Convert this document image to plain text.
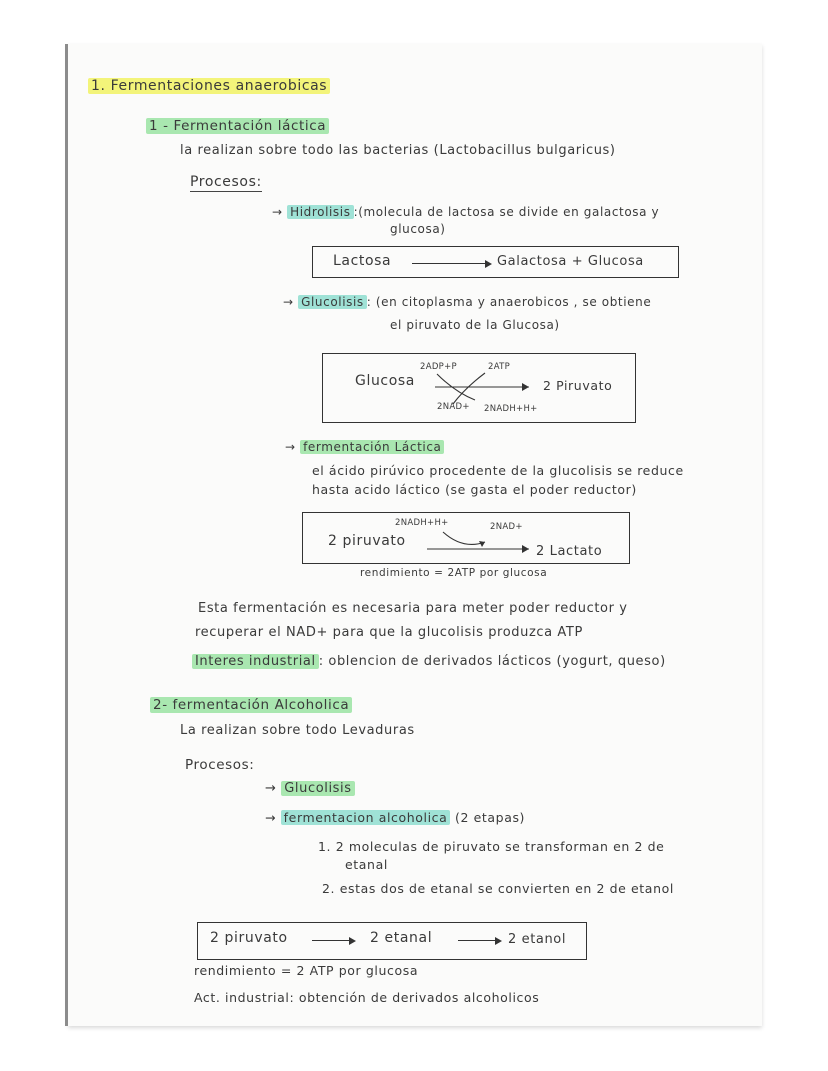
1. Fermentaciones anaerobicas
1 - Fermentación láctica
la realizan sobre todo las bacterias (Lactobacillus bulgaricus)
Procesos:
→ Hidrolisis :(molecula de lactosa se divide en galactosa y
glucosa)
Lactosa	Galactosa + Glucosa
→ Glucolisis : (en citoplasma y anaerobicos , se obtiene
el piruvato de la Glucosa)
Glucosa
2ADP+P	2ATP
2NAD+ 2NADH+H+
2 Piruvato
→ fermentación Láctica
el ácido pirúvico procedente de la glucolisis se reduce
hasta acido láctico (se gasta el poder reductor)
2NADH+H+	2NAD+
2 piruvato
2 Lactato
rendimiento = 2ATP por glucosa
Esta fermentación es necesaria para meter poder reductor y
recuperar el NAD+ para que la glucolisis produzca ATP
Interes industrial : oblencion de derivados lácticos (yogurt, queso)
2- fermentación Alcoholica
La realizan sobre todo Levaduras
Procesos:
→ Glucolisis
→ fermentacion alcoholica (2 etapas)
1. 2 moleculas de piruvato se transforman en 2 de
etanal
2. estas dos de etanal se convierten en 2 de etanol
2 piruvato	2 etanal	2 etanol
rendimiento = 2 ATP por glucosa
Act. industrial: obtención de derivados alcoholicos
